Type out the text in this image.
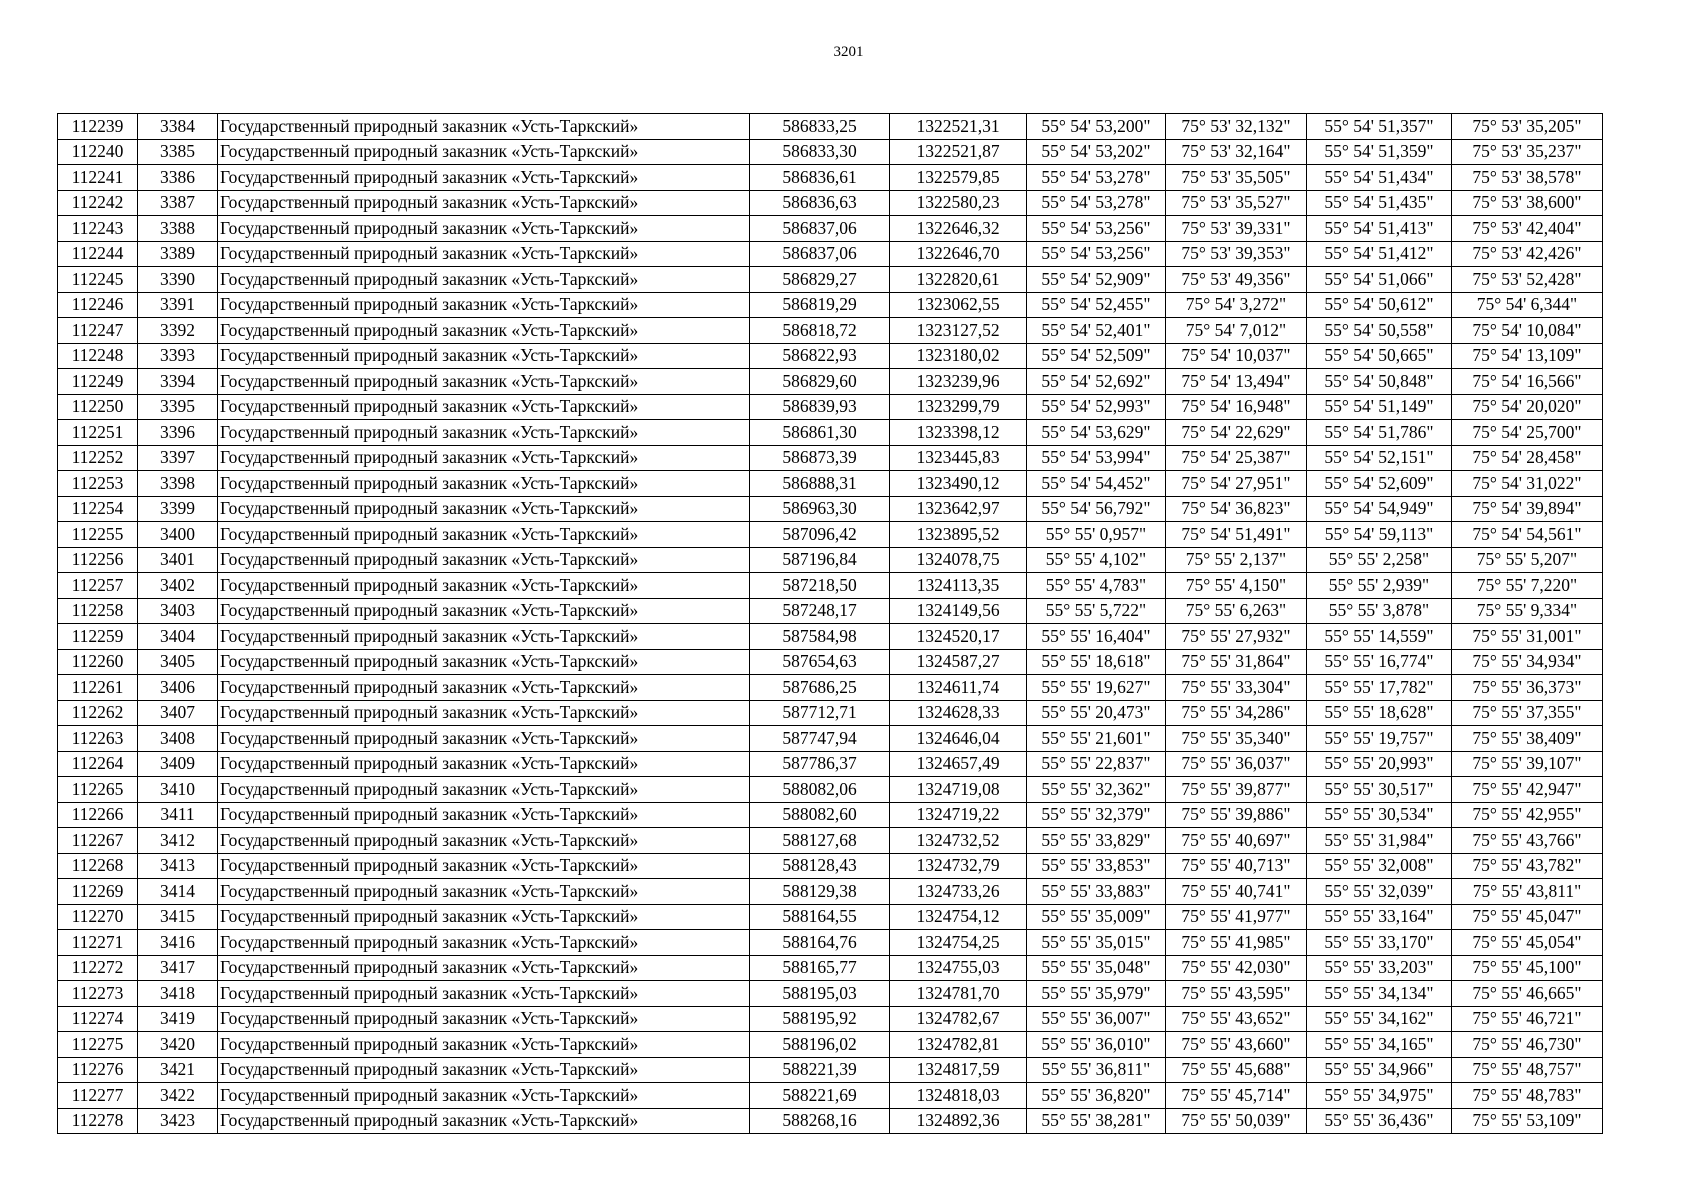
3201
112239	3384	Государственный природный заказник «Усть-Таркский»	586833,25	1322521,31	55° 54' 53,200"	75° 53' 32,132"	55° 54' 51,357"	75° 53' 35,205"
112240	3385	Государственный природный заказник «Усть-Таркский»	586833,30	1322521,87	55° 54' 53,202"	75° 53' 32,164"	55° 54' 51,359"	75° 53' 35,237"
112241	3386	Государственный природный заказник «Усть-Таркский»	586836,61	1322579,85	55° 54' 53,278"	75° 53' 35,505"	55° 54' 51,434"	75° 53' 38,578"
112242	3387	Государственный природный заказник «Усть-Таркский»	586836,63	1322580,23	55° 54' 53,278"	75° 53' 35,527"	55° 54' 51,435"	75° 53' 38,600"
112243	3388	Государственный природный заказник «Усть-Таркский»	586837,06	1322646,32	55° 54' 53,256"	75° 53' 39,331"	55° 54' 51,413"	75° 53' 42,404"
112244	3389	Государственный природный заказник «Усть-Таркский»	586837,06	1322646,70	55° 54' 53,256"	75° 53' 39,353"	55° 54' 51,412"	75° 53' 42,426"
112245	3390	Государственный природный заказник «Усть-Таркский»	586829,27	1322820,61	55° 54' 52,909"	75° 53' 49,356"	55° 54' 51,066"	75° 53' 52,428"
112246	3391	Государственный природный заказник «Усть-Таркский»	586819,29	1323062,55	55° 54' 52,455"	75° 54' 3,272"	55° 54' 50,612"	75° 54' 6,344"
112247	3392	Государственный природный заказник «Усть-Таркский»	586818,72	1323127,52	55° 54' 52,401"	75° 54' 7,012"	55° 54' 50,558"	75° 54' 10,084"
112248	3393	Государственный природный заказник «Усть-Таркский»	586822,93	1323180,02	55° 54' 52,509"	75° 54' 10,037"	55° 54' 50,665"	75° 54' 13,109"
112249	3394	Государственный природный заказник «Усть-Таркский»	586829,60	1323239,96	55° 54' 52,692"	75° 54' 13,494"	55° 54' 50,848"	75° 54' 16,566"
112250	3395	Государственный природный заказник «Усть-Таркский»	586839,93	1323299,79	55° 54' 52,993"	75° 54' 16,948"	55° 54' 51,149"	75° 54' 20,020"
112251	3396	Государственный природный заказник «Усть-Таркский»	586861,30	1323398,12	55° 54' 53,629"	75° 54' 22,629"	55° 54' 51,786"	75° 54' 25,700"
112252	3397	Государственный природный заказник «Усть-Таркский»	586873,39	1323445,83	55° 54' 53,994"	75° 54' 25,387"	55° 54' 52,151"	75° 54' 28,458"
112253	3398	Государственный природный заказник «Усть-Таркский»	586888,31	1323490,12	55° 54' 54,452"	75° 54' 27,951"	55° 54' 52,609"	75° 54' 31,022"
112254	3399	Государственный природный заказник «Усть-Таркский»	586963,30	1323642,97	55° 54' 56,792"	75° 54' 36,823"	55° 54' 54,949"	75° 54' 39,894"
112255	3400	Государственный природный заказник «Усть-Таркский»	587096,42	1323895,52	55° 55' 0,957"	75° 54' 51,491"	55° 54' 59,113"	75° 54' 54,561"
112256	3401	Государственный природный заказник «Усть-Таркский»	587196,84	1324078,75	55° 55' 4,102"	75° 55' 2,137"	55° 55' 2,258"	75° 55' 5,207"
112257	3402	Государственный природный заказник «Усть-Таркский»	587218,50	1324113,35	55° 55' 4,783"	75° 55' 4,150"	55° 55' 2,939"	75° 55' 7,220"
112258	3403	Государственный природный заказник «Усть-Таркский»	587248,17	1324149,56	55° 55' 5,722"	75° 55' 6,263"	55° 55' 3,878"	75° 55' 9,334"
112259	3404	Государственный природный заказник «Усть-Таркский»	587584,98	1324520,17	55° 55' 16,404"	75° 55' 27,932"	55° 55' 14,559"	75° 55' 31,001"
112260	3405	Государственный природный заказник «Усть-Таркский»	587654,63	1324587,27	55° 55' 18,618"	75° 55' 31,864"	55° 55' 16,774"	75° 55' 34,934"
112261	3406	Государственный природный заказник «Усть-Таркский»	587686,25	1324611,74	55° 55' 19,627"	75° 55' 33,304"	55° 55' 17,782"	75° 55' 36,373"
112262	3407	Государственный природный заказник «Усть-Таркский»	587712,71	1324628,33	55° 55' 20,473"	75° 55' 34,286"	55° 55' 18,628"	75° 55' 37,355"
112263	3408	Государственный природный заказник «Усть-Таркский»	587747,94	1324646,04	55° 55' 21,601"	75° 55' 35,340"	55° 55' 19,757"	75° 55' 38,409"
112264	3409	Государственный природный заказник «Усть-Таркский»	587786,37	1324657,49	55° 55' 22,837"	75° 55' 36,037"	55° 55' 20,993"	75° 55' 39,107"
112265	3410	Государственный природный заказник «Усть-Таркский»	588082,06	1324719,08	55° 55' 32,362"	75° 55' 39,877"	55° 55' 30,517"	75° 55' 42,947"
112266	3411	Государственный природный заказник «Усть-Таркский»	588082,60	1324719,22	55° 55' 32,379"	75° 55' 39,886"	55° 55' 30,534"	75° 55' 42,955"
112267	3412	Государственный природный заказник «Усть-Таркский»	588127,68	1324732,52	55° 55' 33,829"	75° 55' 40,697"	55° 55' 31,984"	75° 55' 43,766"
112268	3413	Государственный природный заказник «Усть-Таркский»	588128,43	1324732,79	55° 55' 33,853"	75° 55' 40,713"	55° 55' 32,008"	75° 55' 43,782"
112269	3414	Государственный природный заказник «Усть-Таркский»	588129,38	1324733,26	55° 55' 33,883"	75° 55' 40,741"	55° 55' 32,039"	75° 55' 43,811"
112270	3415	Государственный природный заказник «Усть-Таркский»	588164,55	1324754,12	55° 55' 35,009"	75° 55' 41,977"	55° 55' 33,164"	75° 55' 45,047"
112271	3416	Государственный природный заказник «Усть-Таркский»	588164,76	1324754,25	55° 55' 35,015"	75° 55' 41,985"	55° 55' 33,170"	75° 55' 45,054"
112272	3417	Государственный природный заказник «Усть-Таркский»	588165,77	1324755,03	55° 55' 35,048"	75° 55' 42,030"	55° 55' 33,203"	75° 55' 45,100"
112273	3418	Государственный природный заказник «Усть-Таркский»	588195,03	1324781,70	55° 55' 35,979"	75° 55' 43,595"	55° 55' 34,134"	75° 55' 46,665"
112274	3419	Государственный природный заказник «Усть-Таркский»	588195,92	1324782,67	55° 55' 36,007"	75° 55' 43,652"	55° 55' 34,162"	75° 55' 46,721"
112275	3420	Государственный природный заказник «Усть-Таркский»	588196,02	1324782,81	55° 55' 36,010"	75° 55' 43,660"	55° 55' 34,165"	75° 55' 46,730"
112276	3421	Государственный природный заказник «Усть-Таркский»	588221,39	1324817,59	55° 55' 36,811"	75° 55' 45,688"	55° 55' 34,966"	75° 55' 48,757"
112277	3422	Государственный природный заказник «Усть-Таркский»	588221,69	1324818,03	55° 55' 36,820"	75° 55' 45,714"	55° 55' 34,975"	75° 55' 48,783"
112278	3423	Государственный природный заказник «Усть-Таркский»	588268,16	1324892,36	55° 55' 38,281"	75° 55' 50,039"	55° 55' 36,436"	75° 55' 53,109"
